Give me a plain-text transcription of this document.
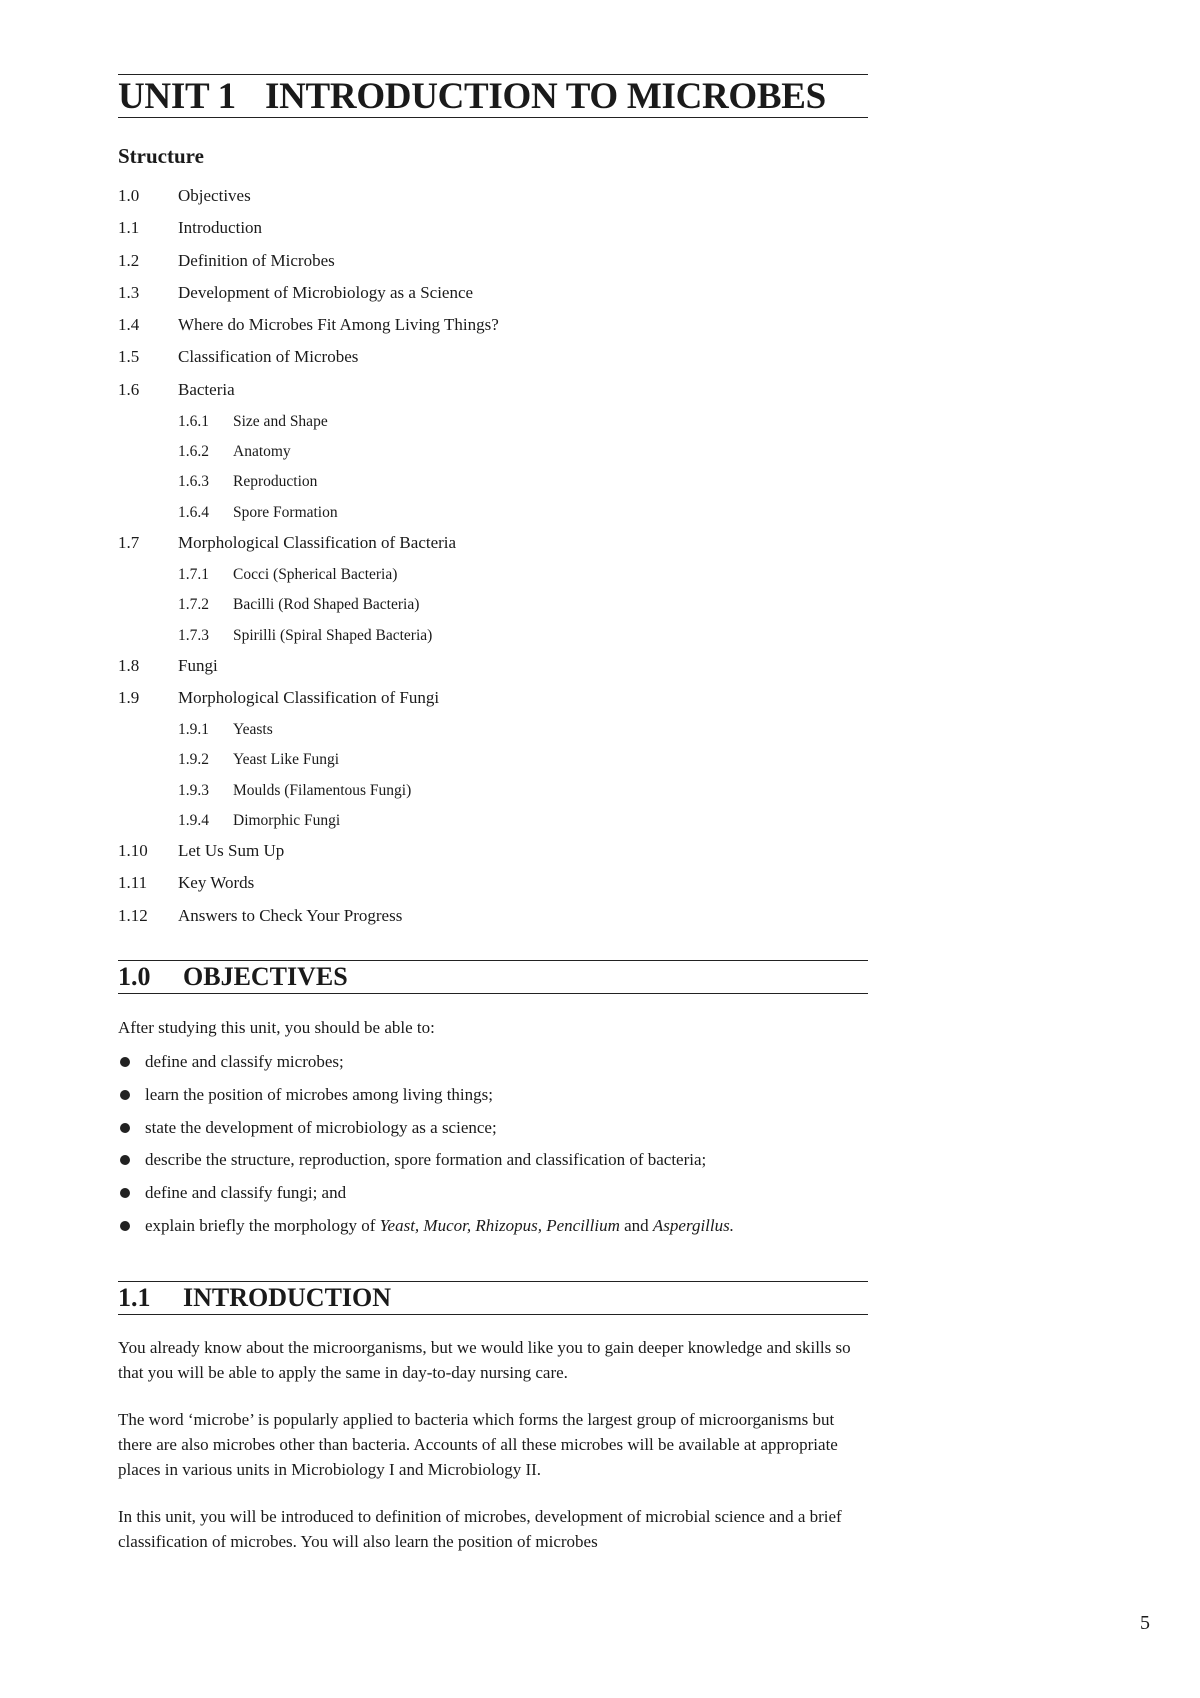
UNIT 1 INTRODUCTION TO MICROBES
Structure
1.0 Objectives
1.1 Introduction
1.2 Definition of Microbes
1.3 Development of Microbiology as a Science
1.4 Where do Microbes Fit Among Living Things?
1.5 Classification of Microbes
1.6 Bacteria
1.6.1 Size and Shape
1.6.2 Anatomy
1.6.3 Reproduction
1.6.4 Spore Formation
1.7 Morphological Classification of Bacteria
1.7.1 Cocci (Spherical Bacteria)
1.7.2 Bacilli (Rod Shaped Bacteria)
1.7.3 Spirilli (Spiral Shaped Bacteria)
1.8 Fungi
1.9 Morphological Classification of Fungi
1.9.1 Yeasts
1.9.2 Yeast Like Fungi
1.9.3 Moulds (Filamentous Fungi)
1.9.4 Dimorphic Fungi
1.10 Let Us Sum Up
1.11 Key Words
1.12 Answers to Check Your Progress
1.0 OBJECTIVES
After studying this unit, you should be able to:
define and classify microbes;
learn the position of microbes among living things;
state the development of microbiology as a science;
describe the structure, reproduction, spore formation and classification of bacteria;
define and classify fungi; and
explain briefly the morphology of Yeast, Mucor, Rhizopus, Pencillium and Aspergillus.
1.1 INTRODUCTION

You already know about the microorganisms, but we would like you to gain deeper knowledge and skills so that you will be able to apply the same in day-to-day nursing care.

The word ‘microbe’ is popularly applied to bacteria which forms the largest group of microorganisms but there are also microbes other than bacteria. Accounts of all these microbes will be available at appropriate places in various units in Microbiology I and Microbiology II.

In this unit, you will be introduced to definition of microbes, development of microbial science and a brief classification of microbes. You will also learn the position of microbes

5
